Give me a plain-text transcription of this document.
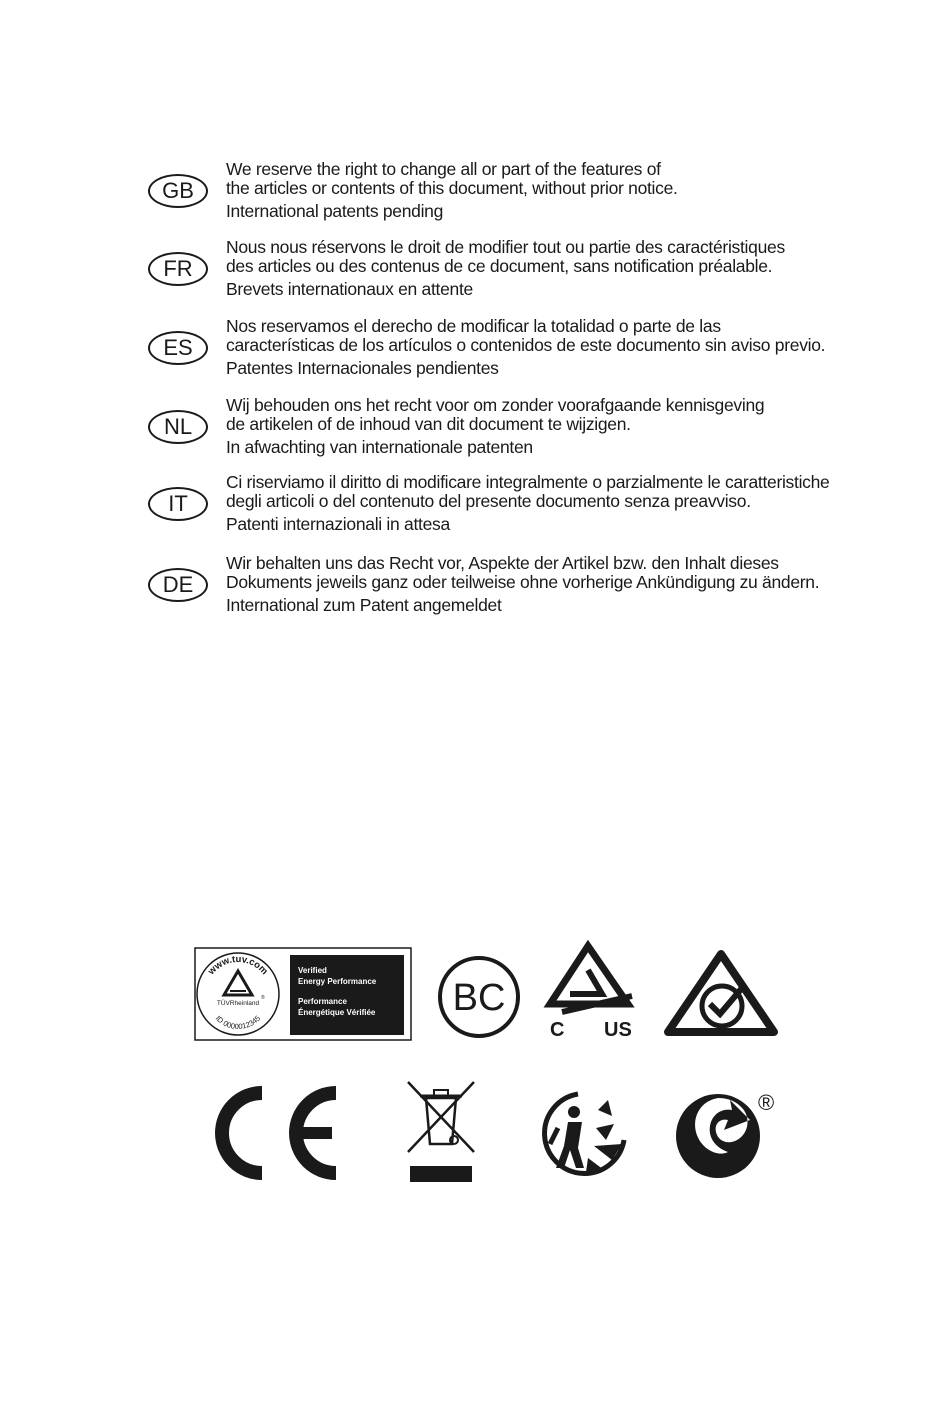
GB
We reserve the right to change all or part of the features of
the articles or contents of this document, without prior notice.
International patents pending
FR
Nous nous réservons le droit de modifier tout ou partie des caractéristiques
des articles ou des contenus de ce document, sans notification préalable.
Brevets internationaux en attente
ES
Nos reservamos el derecho de modificar la totalidad o parte de las
características de los artículos o contenidos de este documento sin aviso previo.
Patentes Internacionales pendientes
NL
Wij behouden ons het recht voor om zonder voorafgaande kennisgeving
de artikelen of de inhoud van dit document te wijzigen.
In afwachting van internationale patenten
IT
Ci riserviamo il diritto di modificare integralmente o parzialmente le caratteristiche
degli articoli o del contenuto del presente documento senza preavviso.
Patenti internazionali in attesa
DE
Wir behalten uns das Recht vor, Aspekte der Artikel bzw. den Inhalt dieses
Dokuments jeweils ganz oder teilweise ohne vorherige Ankündigung zu ändern.
International zum Patent angemeldet
www.tuv.com
ID 0000012345
TÜVRheinland
®
Verified
Energy Performance
Performance
Énergétique Vérifiée BC
C US
®
